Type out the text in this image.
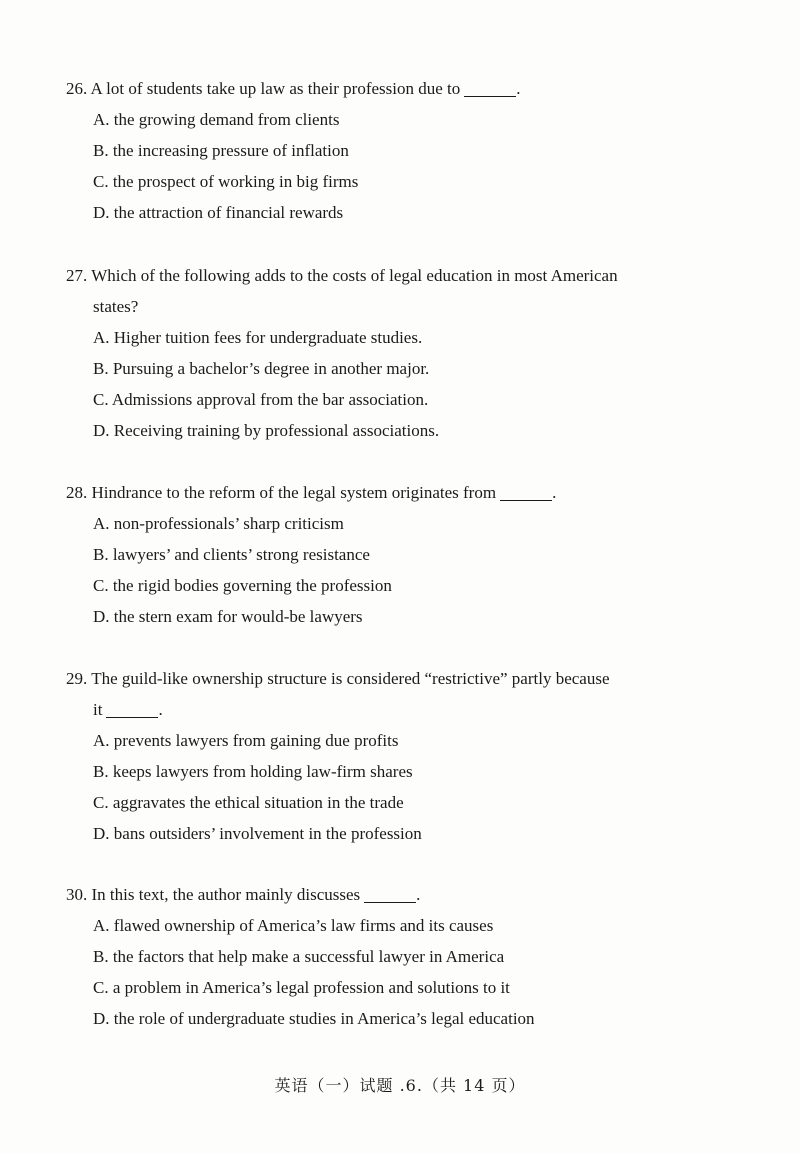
26. A lot of students take up law as their profession due to	.

A. the growing demand from clients
B. the increasing pressure of inflation
C. the prospect of working in big firms
D. the attraction of financial rewards

27. Which of the following adds to the costs of legal education in most American
states?

A. Higher tuition fees for undergraduate studies.
B. Pursuing a bachelor’s degree in another major.
C. Admissions approval from the bar association.
D. Receiving training by professional associations.

28. Hindrance to the reform of the legal system originates from	.

A. non-professionals’ sharp criticism
B. lawyers’ and clients’ strong resistance
C. the rigid bodies governing the profession
D. the stern exam for would-be lawyers

29. The guild-like ownership structure is considered “restrictive” partly because
it	.

A. prevents lawyers from gaining due profits
B. keeps lawyers from holding law-firm shares
C. aggravates the ethical situation in the trade
D. bans outsiders’ involvement in the profession

30. In this text, the author mainly discusses	.

A. flawed ownership of America’s law firms and its causes
B. the factors that help make a successful lawyer in America
C. a problem in America’s legal profession and solutions to it
D. the role of undergraduate studies in America’s legal education
英语（一）试题 .6.（共 14 页）
